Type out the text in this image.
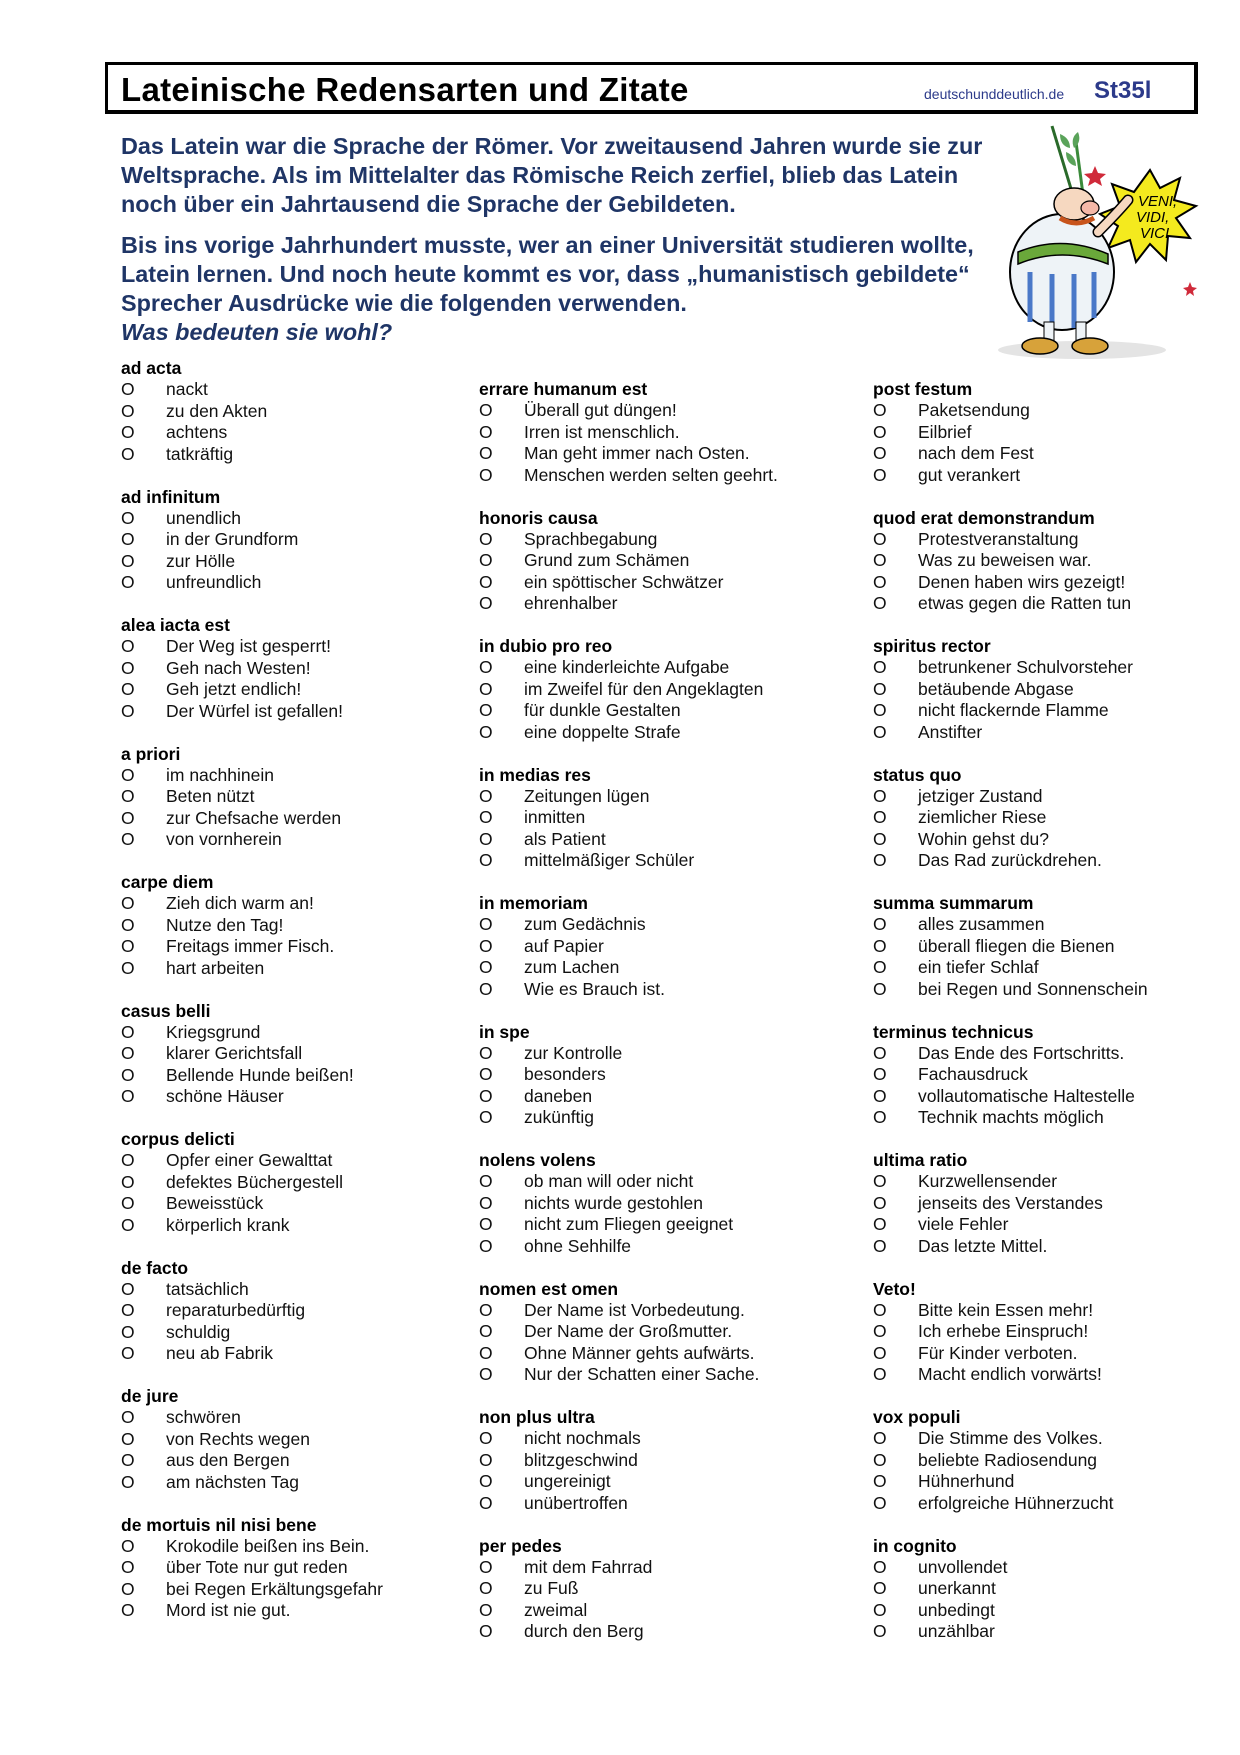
Lateinische Redensarten und Zitate	deutschunddeutlich.de St35l

Das Latein war die Sprache der Römer. Vor zweitausend Jahren wurde sie zur Weltsprache. Als im Mittelalter das Römische Reich zerfiel, blieb das Latein noch über ein Jahrtausend die Sprache der Gebildeten.

Bis ins vorige Jahrhundert musste, wer an einer Universität studieren wollte, Latein lernen. Und noch heute kommt es vor, dass „humanistisch gebildete“ Sprecher Ausdrücke wie die folgenden verwenden.

Was bedeuten sie wohl?

VENI,
VIDI,
VICI
ad acta
O nackt
O zu den Akten
O achtens
O tatkräftig
ad infinitum
O unendlich
O in der Grundform
O zur Hölle
O unfreundlich
alea iacta est
O Der Weg ist gesperrt!
O Geh nach Westen!
O Geh jetzt endlich!
O Der Würfel ist gefallen!
a priori
O im nachhinein
O Beten nützt
O zur Chefsache werden
O von vornherein
carpe diem
O Zieh dich warm an!
O Nutze den Tag!
O Freitags immer Fisch.
O hart arbeiten
casus belli
O Kriegsgrund
O klarer Gerichtsfall
O Bellende Hunde beißen!
O schöne Häuser
corpus delicti
O Opfer einer Gewalttat
O defektes Büchergestell
O Beweisstück
O körperlich krank
de facto
O tatsächlich
O reparaturbedürftig
O schuldig
O neu ab Fabrik
de jure
O schwören
O von Rechts wegen
O aus den Bergen
O am nächsten Tag
de mortuis nil nisi bene
O Krokodile beißen ins Bein.
O über Tote nur gut reden
O bei Regen Erkältungsgefahr
O Mord ist nie gut.
errare humanum est
O Überall gut düngen!
O Irren ist menschlich.
O Man geht immer nach Osten.
O Menschen werden selten geehrt.
honoris causa
O Sprachbegabung
O Grund zum Schämen
O ein spöttischer Schwätzer
O ehrenhalber
in dubio pro reo
O eine kinderleichte Aufgabe
O im Zweifel für den Angeklagten
O für dunkle Gestalten
O eine doppelte Strafe
in medias res
O Zeitungen lügen
O inmitten
O als Patient
O mittelmäßiger Schüler
in memoriam
O zum Gedächnis
O auf Papier
O zum Lachen
O Wie es Brauch ist.
in spe
O zur Kontrolle
O besonders
O daneben
O zukünftig
nolens volens
O ob man will oder nicht
O nichts wurde gestohlen
O nicht zum Fliegen geeignet
O ohne Sehhilfe
nomen est omen
O Der Name ist Vorbedeutung.
O Der Name der Großmutter.
O Ohne Männer gehts aufwärts.
O Nur der Schatten einer Sache.
non plus ultra
O nicht nochmals
O blitzgeschwind
O ungereinigt
O unübertroffen
per pedes
O mit dem Fahrrad
O zu Fuß
O zweimal
O durch den Berg
post festum
O Paketsendung
O Eilbrief
O nach dem Fest
O gut verankert
quod erat demonstrandum
O Protestveranstaltung
O Was zu beweisen war.
O Denen haben wirs gezeigt!
O etwas gegen die Ratten tun
spiritus rector
O betrunkener Schulvorsteher
O betäubende Abgase
O nicht flackernde Flamme
O Anstifter
status quo
O jetziger Zustand
O ziemlicher Riese
O Wohin gehst du?
O Das Rad zurückdrehen.
summa summarum
O alles zusammen
O überall fliegen die Bienen
O ein tiefer Schlaf
O bei Regen und Sonnenschein
terminus technicus
O Das Ende des Fortschritts.
O Fachausdruck
O vollautomatische Haltestelle
O Technik machts möglich
ultima ratio
O Kurzwellensender
O jenseits des Verstandes
O viele Fehler
O Das letzte Mittel.
Veto!
O Bitte kein Essen mehr!
O Ich erhebe Einspruch!
O Für Kinder verboten.
O Macht endlich vorwärts!
vox populi
O Die Stimme des Volkes.
O beliebte Radiosendung
O Hühnerhund
O erfolgreiche Hühnerzucht
in cognito
O unvollendet
O unerkannt
O unbedingt
O unzählbar
